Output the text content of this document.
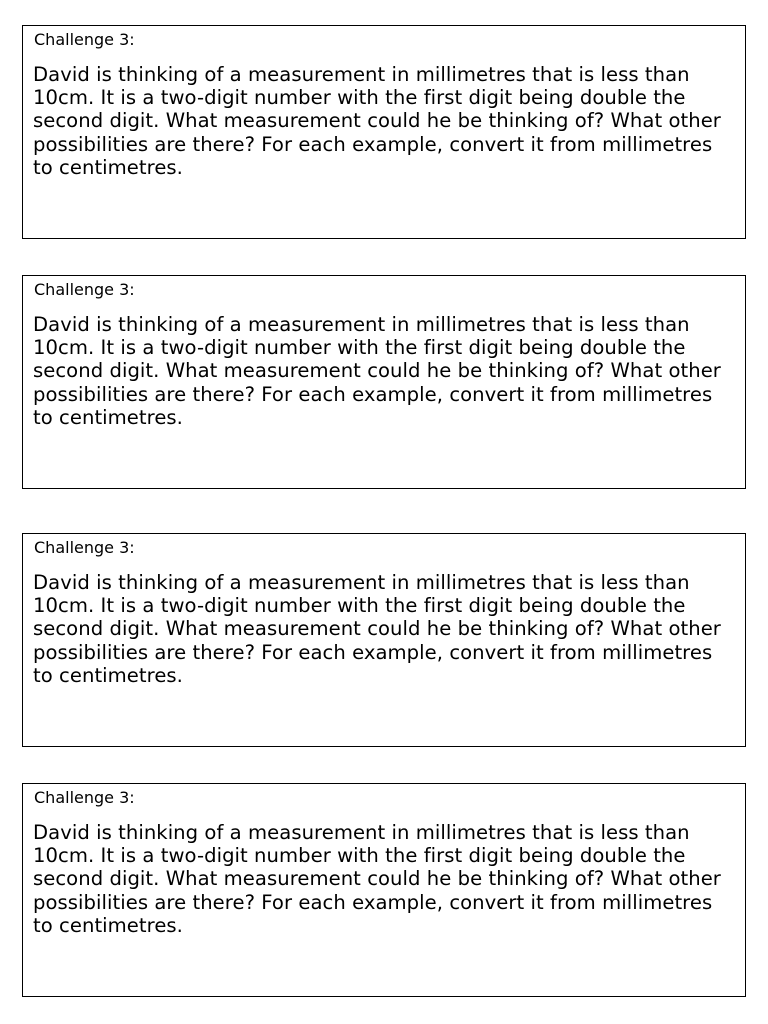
Challenge 3:

David is thinking of a measurement in millimetres that is less than 10cm. It is a two-digit number with the first digit being double the second digit. What measurement could he be thinking of? What other possibilities are there? For each example, convert it from millimetres to centimetres.

Challenge 3:

David is thinking of a measurement in millimetres that is less than 10cm. It is a two-digit number with the first digit being double the second digit. What measurement could he be thinking of? What other possibilities are there? For each example, convert it from millimetres to centimetres.

Challenge 3:

David is thinking of a measurement in millimetres that is less than 10cm. It is a two-digit number with the first digit being double the second digit. What measurement could he be thinking of? What other possibilities are there? For each example, convert it from millimetres to centimetres.

Challenge 3:

David is thinking of a measurement in millimetres that is less than 10cm. It is a two-digit number with the first digit being double the second digit. What measurement could he be thinking of? What other possibilities are there? For each example, convert it from millimetres to centimetres.
